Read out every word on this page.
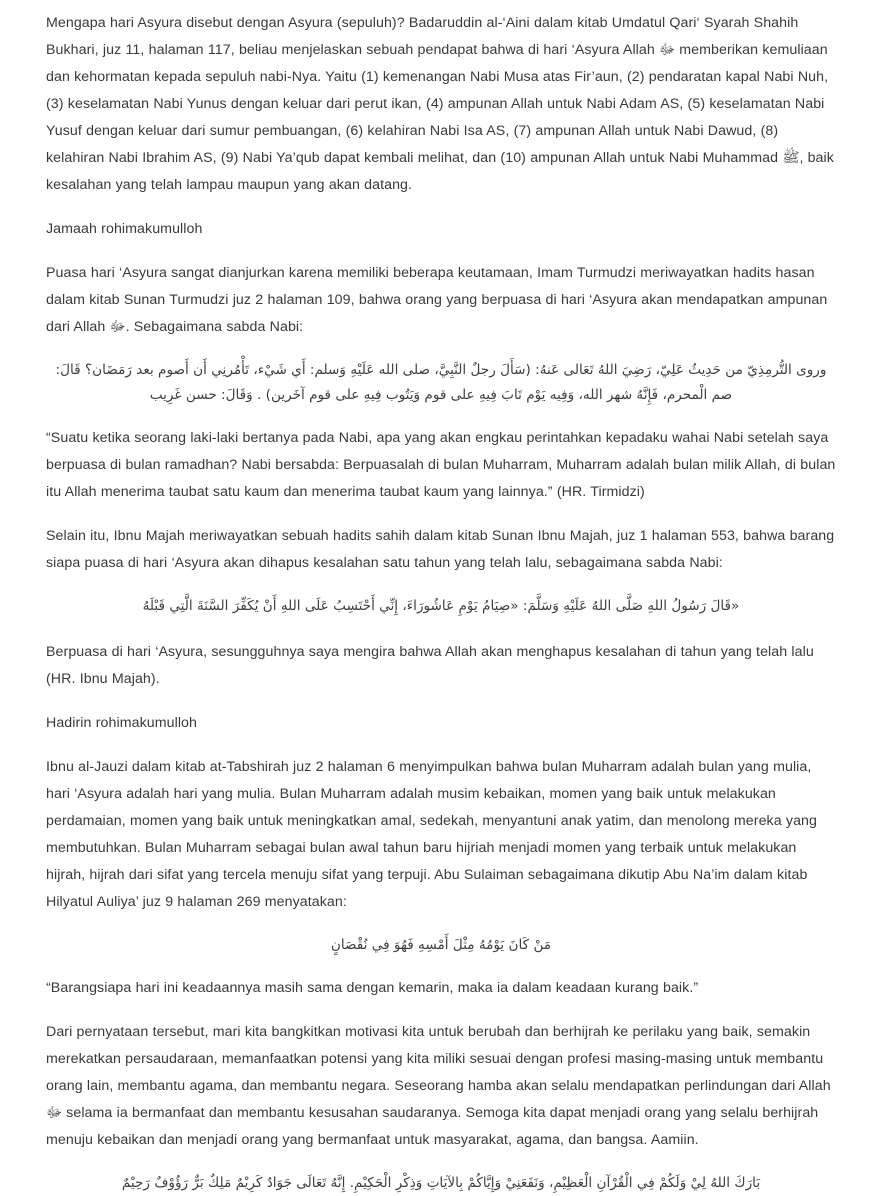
Mengapa hari Asyura disebut dengan Asyura (sepuluh)? Badaruddin al-‘Aini dalam kitab Umdatul Qari‘ Syarah Shahih Bukhari, juz 11, halaman 117, beliau menjelaskan sebuah pendapat bahwa di hari ‘Asyura Allah ﷻ memberikan kemuliaan dan kehormatan kepada sepuluh nabi-Nya. Yaitu (1) kemenangan Nabi Musa atas Fir’aun, (2) pendaratan kapal Nabi Nuh, (3) keselamatan Nabi Yunus dengan keluar dari perut ikan, (4) ampunan Allah untuk Nabi Adam AS, (5) keselamatan Nabi Yusuf dengan keluar dari sumur pembuangan, (6) kelahiran Nabi Isa AS, (7) ampunan Allah untuk Nabi Dawud, (8) kelahiran Nabi Ibrahim AS, (9) Nabi Ya’qub dapat kembali melihat, dan (10) ampunan Allah untuk Nabi Muhammad ﷺ, baik kesalahan yang telah lampau maupun yang akan datang.

Jamaah rohimakumulloh

Puasa hari ‘Asyura sangat dianjurkan karena memiliki beberapa keutamaan, Imam Turmudzi meriwayatkan hadits hasan dalam kitab Sunan Turmudzi juz 2 halaman 109, bahwa orang yang berpuasa di hari ‘Asyura akan mendapatkan ampunan dari Allah ﷻ. Sebagaimana sabda Nabi:

وروى التُّرمِذِيّ من حَدِيثُ عَلِيّ، رَضِيَ اللهُ تَعَالى عَنهُ: (سَأَلَ رجلٌ النَّبِيَّ، صلى الله عَلَيْهِ وَسلم: أَي شَيْء، تَأْمُرنِي أَن أَصوم بعد رَمَضَان؟ قَالَ: صم الْمحرم، فَإِنَّهُ شهر الله، وَفِيه يَوْم تَابَ فِيهِ على قوم وَيَتُوب فِيهِ على قوم آخَرين) . وَقَالَ: حسن غَرِيب

“Suatu ketika seorang laki-laki bertanya pada Nabi, apa yang akan engkau perintahkan kepadaku wahai Nabi setelah saya berpuasa di bulan ramadhan? Nabi bersabda: Berpuasalah di bulan Muharram, Muharram adalah bulan milik Allah, di bulan itu Allah menerima taubat satu kaum dan menerima taubat kaum yang lainnya.” (HR. Tirmidzi)

Selain itu, Ibnu Majah meriwayatkan sebuah hadits sahih dalam kitab Sunan Ibnu Majah, juz 1 halaman 553, bahwa barang siapa puasa di hari ‘Asyura akan dihapus kesalahan satu tahun yang telah lalu, sebagaimana sabda Nabi:

«قَالَ رَسُولُ اللهِ صَلَّى اللهُ عَلَيْهِ وَسَلَّمَ: «صِيَامُ يَوْمِ عَاشُورَاءَ، إِنِّي أَحْتَسِبُ عَلَى اللهِ أَنْ يُكَفِّرَ السَّنَةَ الَّتِي قَبْلَهُ

Berpuasa di hari ‘Asyura, sesungguhnya saya mengira bahwa Allah akan menghapus kesalahan di tahun yang telah lalu (HR. Ibnu Majah).

Hadirin rohimakumulloh

Ibnu al-Jauzi dalam kitab at-Tabshirah juz 2 halaman 6 menyimpulkan bahwa bulan Muharram adalah bulan yang mulia, hari ‘Asyura adalah hari yang mulia. Bulan Muharram adalah musim kebaikan, momen yang baik untuk melakukan perdamaian, momen yang baik untuk meningkatkan amal, sedekah, menyantuni anak yatim, dan menolong mereka yang membutuhkan. Bulan Muharram sebagai bulan awal tahun baru hijriah menjadi momen yang terbaik untuk melakukan hijrah, hijrah dari sifat yang tercela menuju sifat yang terpuji. Abu Sulaiman sebagaimana dikutip Abu Na’im dalam kitab Hilyatul Auliya’ juz 9 halaman 269 menyatakan:

مَنْ كَانَ يَوْمُهُ مِثْلَ أَمْسِهِ فَهُوَ فِي نُقْصَانٍ

“Barangsiapa hari ini keadaannya masih sama dengan kemarin, maka ia dalam keadaan kurang baik.”

Dari pernyataan tersebut, mari kita bangkitkan motivasi kita untuk berubah dan berhijrah ke perilaku yang baik, semakin merekatkan persaudaraan, memanfaatkan potensi yang kita miliki sesuai dengan profesi masing-masing untuk membantu orang lain, membantu agama, dan membantu negara. Seseorang hamba akan selalu mendapatkan perlindungan dari Allah ﷻ selama ia bermanfaat dan membantu kesusahan saudaranya. Semoga kita dapat menjadi orang yang selalu berhijrah menuju kebaikan dan menjadi orang yang bermanfaat untuk masyarakat, agama, dan bangsa. Aamiin.

بَارَكَ اللهُ لِيْ وَلَكُمْ فِي الْقُرْآنِ الْعَظِيْمِ، وَنَفَعَنِيْ وَإِيَّاكُمْ بِالآيَاتِ وَذِكْرِ الْحَكِيْمِ. إِنَّهُ تَعَالَى جَوَادٌ كَرِيْمٌ مَلِكٌ بَرٌّ رَؤُوْفٌ رَحِيْمٌ
